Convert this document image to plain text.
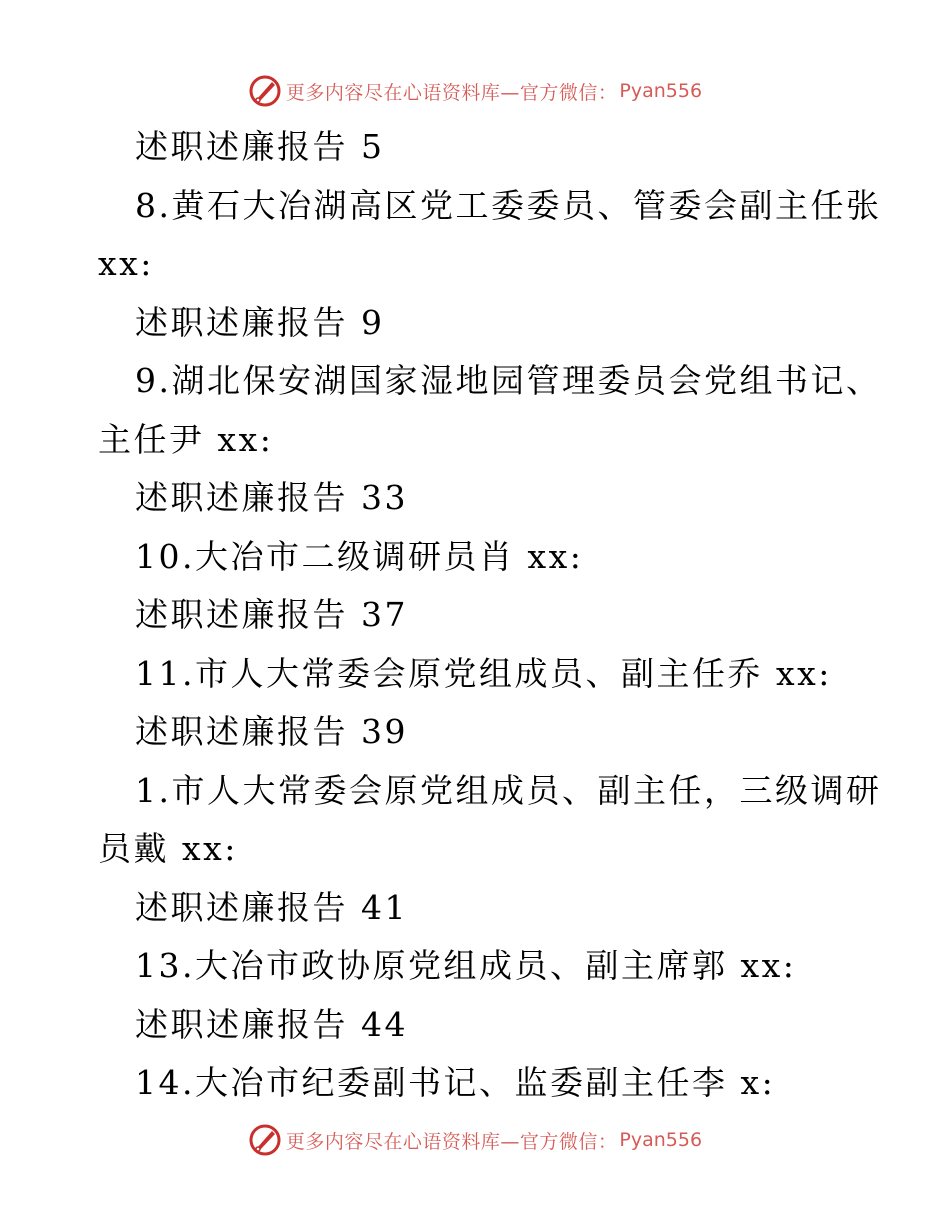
更多内容尽在心语资料库—官方微信： Pyan556
述职述廉报告 5
8.黄石大冶湖高区党工委委员、管委会副主任张
xx:
述职述廉报告 9
9.湖北保安湖国家湿地园管理委员会党组书记、
主任尹 xx:
述职述廉报告 33
10.大冶市二级调研员肖 xx:
述职述廉报告 37
11.市人大常委会原党组成员、副主任乔 xx:
述职述廉报告 39
1.市人大常委会原党组成员、副主任，三级调研
员戴 xx:
述职述廉报告 41
13.大冶市政协原党组成员、副主席郭 xx:
述职述廉报告 44
14.大冶市纪委副书记、监委副主任李 x:
更多内容尽在心语资料库—官方微信： Pyan556
